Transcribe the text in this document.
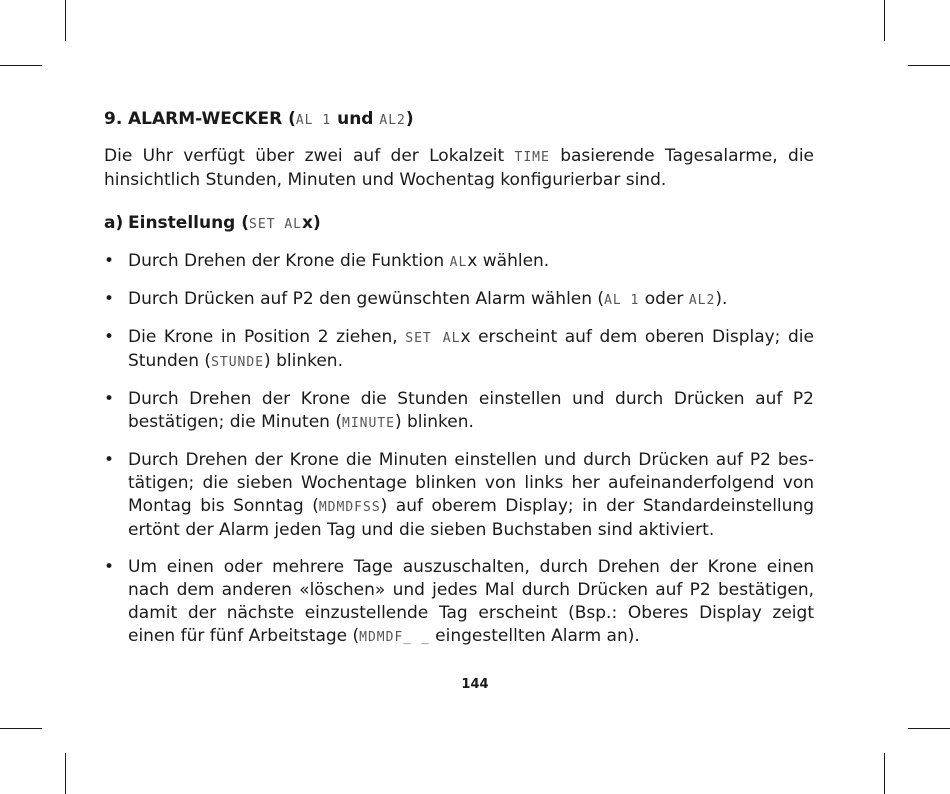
9. ALARM-WECKER (AL 1 und AL2)
Die Uhr verfügt über zwei auf der Lokalzeit TIME basierende Tagesalarme, die hinsichtlich Stunden, Minuten und Wochentag konfigurierbar sind.
a) Einstellung (SET ALx)
• Durch Drehen der Krone die Funktion ALx wählen.
• Durch Drücken auf P2 den gewünschten Alarm wählen (AL 1 oder AL2).
• Die Krone in Position 2 ziehen, SET ALx erscheint auf dem oberen Display; die Stunden (STUNDE) blinken.
• Durch Drehen der Krone die Stunden einstellen und durch Drücken auf P2 bestätigen; die Minuten (MINUTE) blinken.
• Durch Drehen der Krone die Minuten einstellen und durch Drücken auf P2 bes- tätigen; die sieben Wochentage blinken von links her aufeinanderfolgend von Montag bis Sonntag (MDMDFSS) auf oberem Display; in der Standardeinstellung ertönt der Alarm jeden Tag und die sieben Buchstaben sind aktiviert.
• Um einen oder mehrere Tage auszuschalten, durch Drehen der Krone einen nach dem anderen «löschen» und jedes Mal durch Drücken auf P2 bestätigen, damit der nächste einzustellende Tag erscheint (Bsp.: Oberes Display zeigt einen für fünf Arbeitstage (MDMDF_ _ eingestellten Alarm an).
144
